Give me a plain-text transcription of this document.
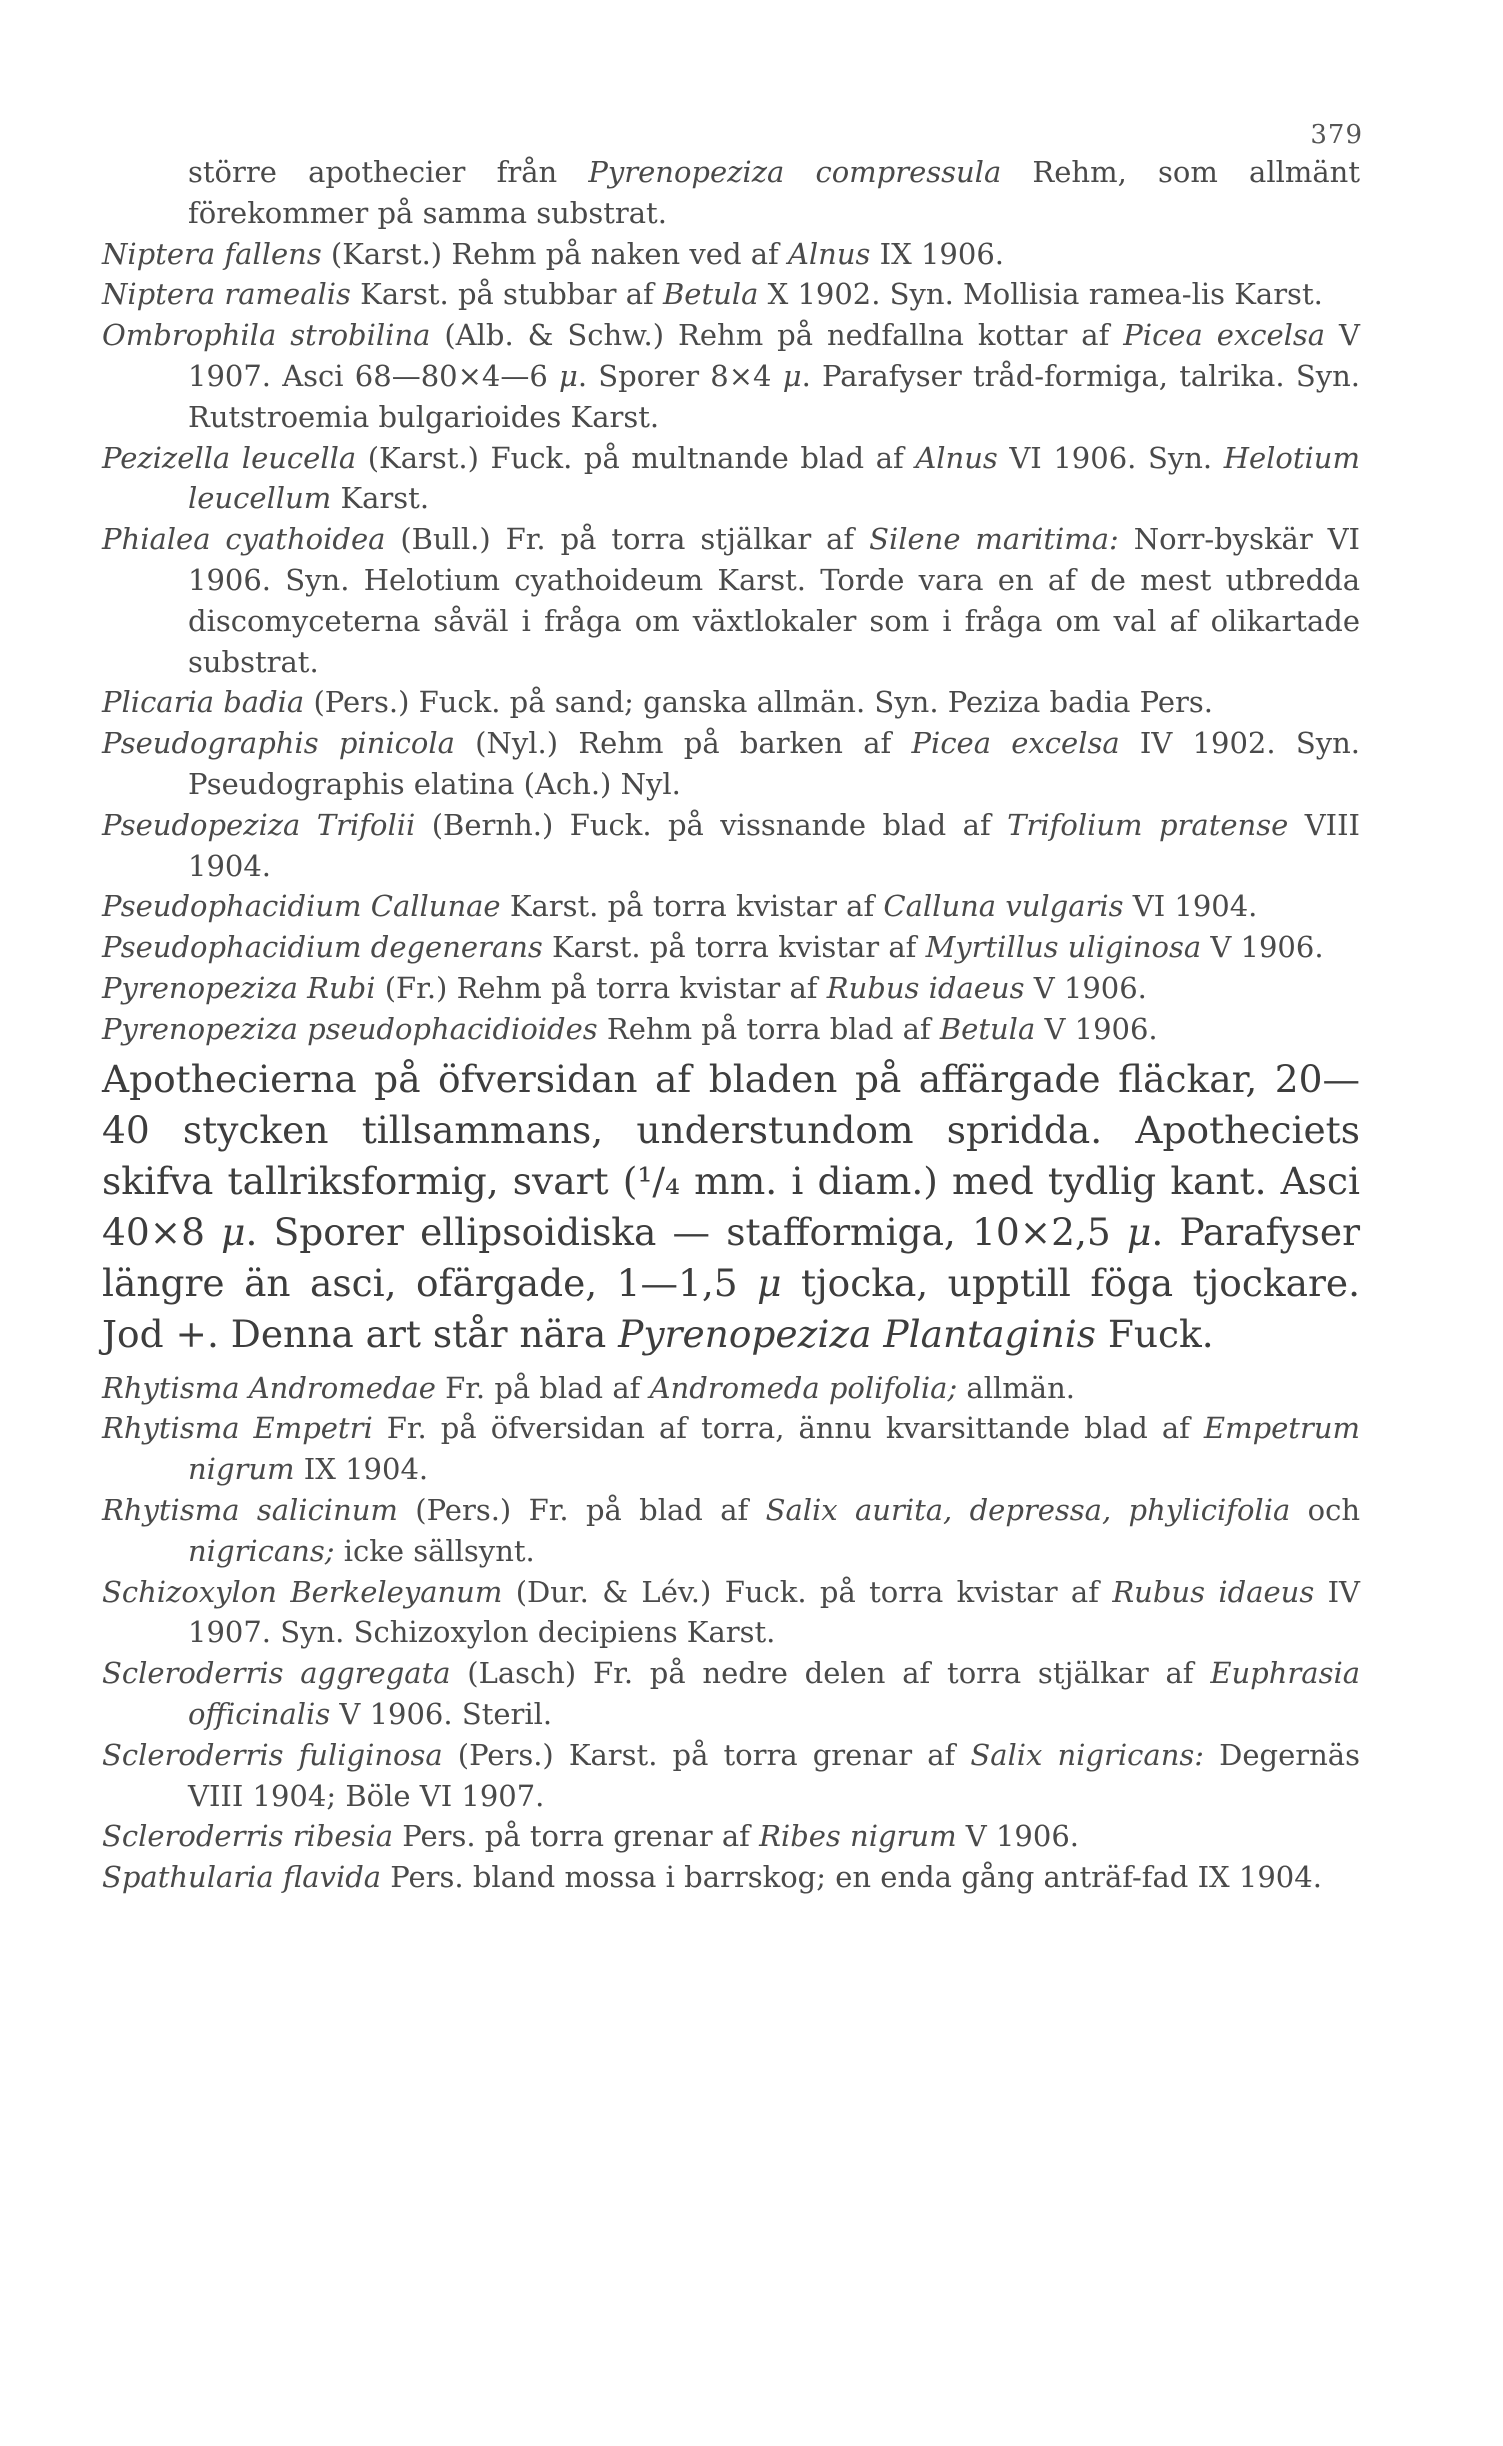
379
större apothecier från Pyrenopeziza compressula Rehm, som allmänt förekommer på samma substrat.
Niptera fallens (Karst.) Rehm på naken ved af Alnus IX 1906.
Niptera ramealis Karst. på stubbar af Betula X 1902. Syn. Mollisia ramea-lis Karst.
Ombrophila strobilina (Alb. & Schw.) Rehm på nedfallna kottar af Picea excelsa V 1907. Asci 68—80×4—6 μ. Sporer 8×4 μ. Parafyser tråd-formiga, talrika. Syn. Rutstroemia bulgarioides Karst.
Pezizella leucella (Karst.) Fuck. på multnande blad af Alnus VI 1906. Syn. Helotium leucellum Karst.
Phialea cyathoidea (Bull.) Fr. på torra stjälkar af Silene maritima: Norr-byskär VI 1906. Syn. Helotium cyathoideum Karst. Torde vara en af de mest utbredda discomyceterna såväl i fråga om växtlokaler som i fråga om val af olikartade substrat.
Plicaria badia (Pers.) Fuck. på sand; ganska allmän. Syn. Peziza badia Pers.
Pseudographis pinicola (Nyl.) Rehm på barken af Picea excelsa IV 1902. Syn. Pseudographis elatina (Ach.) Nyl.
Pseudopeziza Trifolii (Bernh.) Fuck. på vissnande blad af Trifolium pratense VIII 1904.
Pseudophacidium Callunae Karst. på torra kvistar af Calluna vulgaris VI 1904.
Pseudophacidium degenerans Karst. på torra kvistar af Myrtillus uliginosa V 1906.
Pyrenopeziza Rubi (Fr.) Rehm på torra kvistar af Rubus idaeus V 1906.
Pyrenopeziza pseudophacidioides Rehm på torra blad af Betula V 1906.
Apothecierna på öfversidan af bladen på affärgade fläckar, 20—40 stycken tillsammans, understundom spridda. Apotheciets skifva tallriksformig, svart (¹/₄ mm. i diam.) med tydlig kant. Asci 40×8 μ. Sporer ellipsoidiska — stafformiga, 10×2,5 μ. Parafyser längre än asci, ofärgade, 1—1,5 μ tjocka, upptill föga tjockare. Jod +. Denna art står nära Pyrenopeziza Plantaginis Fuck.
Rhytisma Andromedae Fr. på blad af Andromeda polifolia; allmän.
Rhytisma Empetri Fr. på öfversidan af torra, ännu kvarsittande blad af Empetrum nigrum IX 1904.
Rhytisma salicinum (Pers.) Fr. på blad af Salix aurita, depressa, phylicifolia och nigricans; icke sällsynt.
Schizoxylon Berkeleyanum (Dur. & Lév.) Fuck. på torra kvistar af Rubus idaeus IV 1907. Syn. Schizoxylon decipiens Karst.
Scleroderris aggregata (Lasch) Fr. på nedre delen af torra stjälkar af Euphrasia officinalis V 1906. Steril.
Scleroderris fuliginosa (Pers.) Karst. på torra grenar af Salix nigricans: Degernäs VIII 1904; Böle VI 1907.
Scleroderris ribesia Pers. på torra grenar af Ribes nigrum V 1906.
Spathularia flavida Pers. bland mossa i barrskog; en enda gång anträf-fad IX 1904.
